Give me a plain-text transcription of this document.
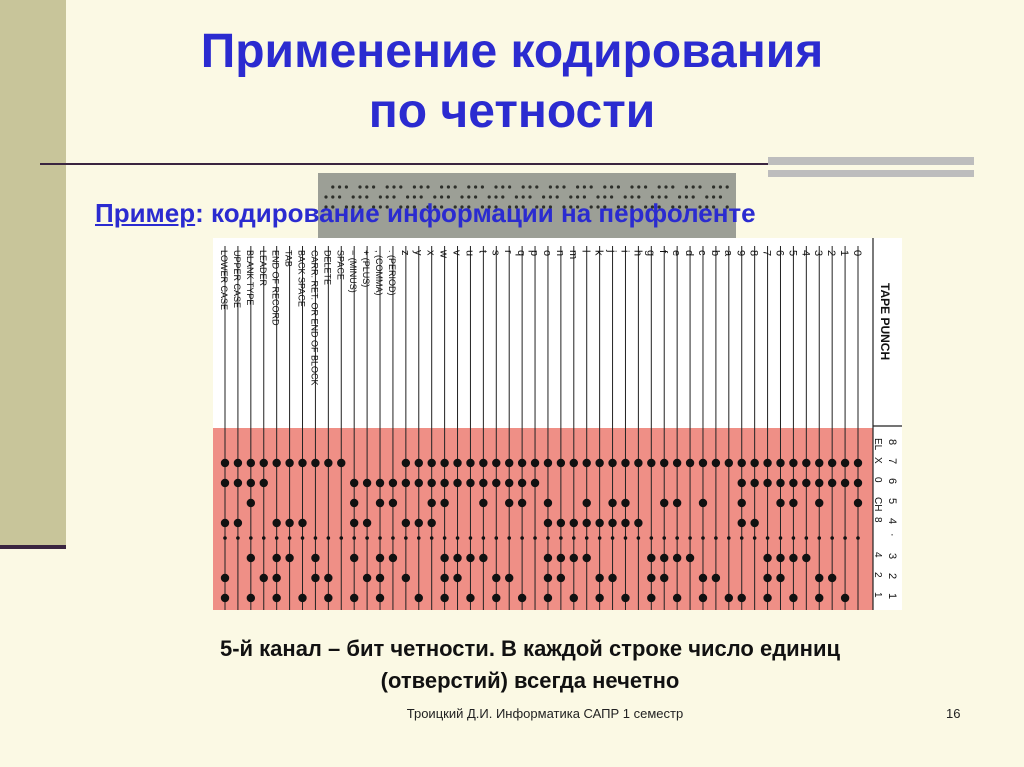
Применение кодирования
по четности
Пример: кодирование информации на перфоленте
0
1
2
3
4
5
6
7
8
9
a
b
c
d
e
f
g
h
i
j
k
l
m
n
o
p
q
r
s
t
u
v
w
x
y
z
. (PERIOD)
, (COMMA)
+ (PLUS)
− (MINUS)
SPACE
DELETE
CARR. RET. OR END OF BLOCK
BACK SPACE
TAB
END OF RECORD
LEADER
BLANK TYPE
UPPER CASE
LOWER CASE
TAPE PUNCH
8
EL
7
X
6
0
5
CH
4
8
·
3
4
2
2
1
1
5-й канал – бит четности. В каждой строке число единиц
(отверстий) всегда нечетно
Троицкий Д.И. Информатика САПР 1 семестр	16
